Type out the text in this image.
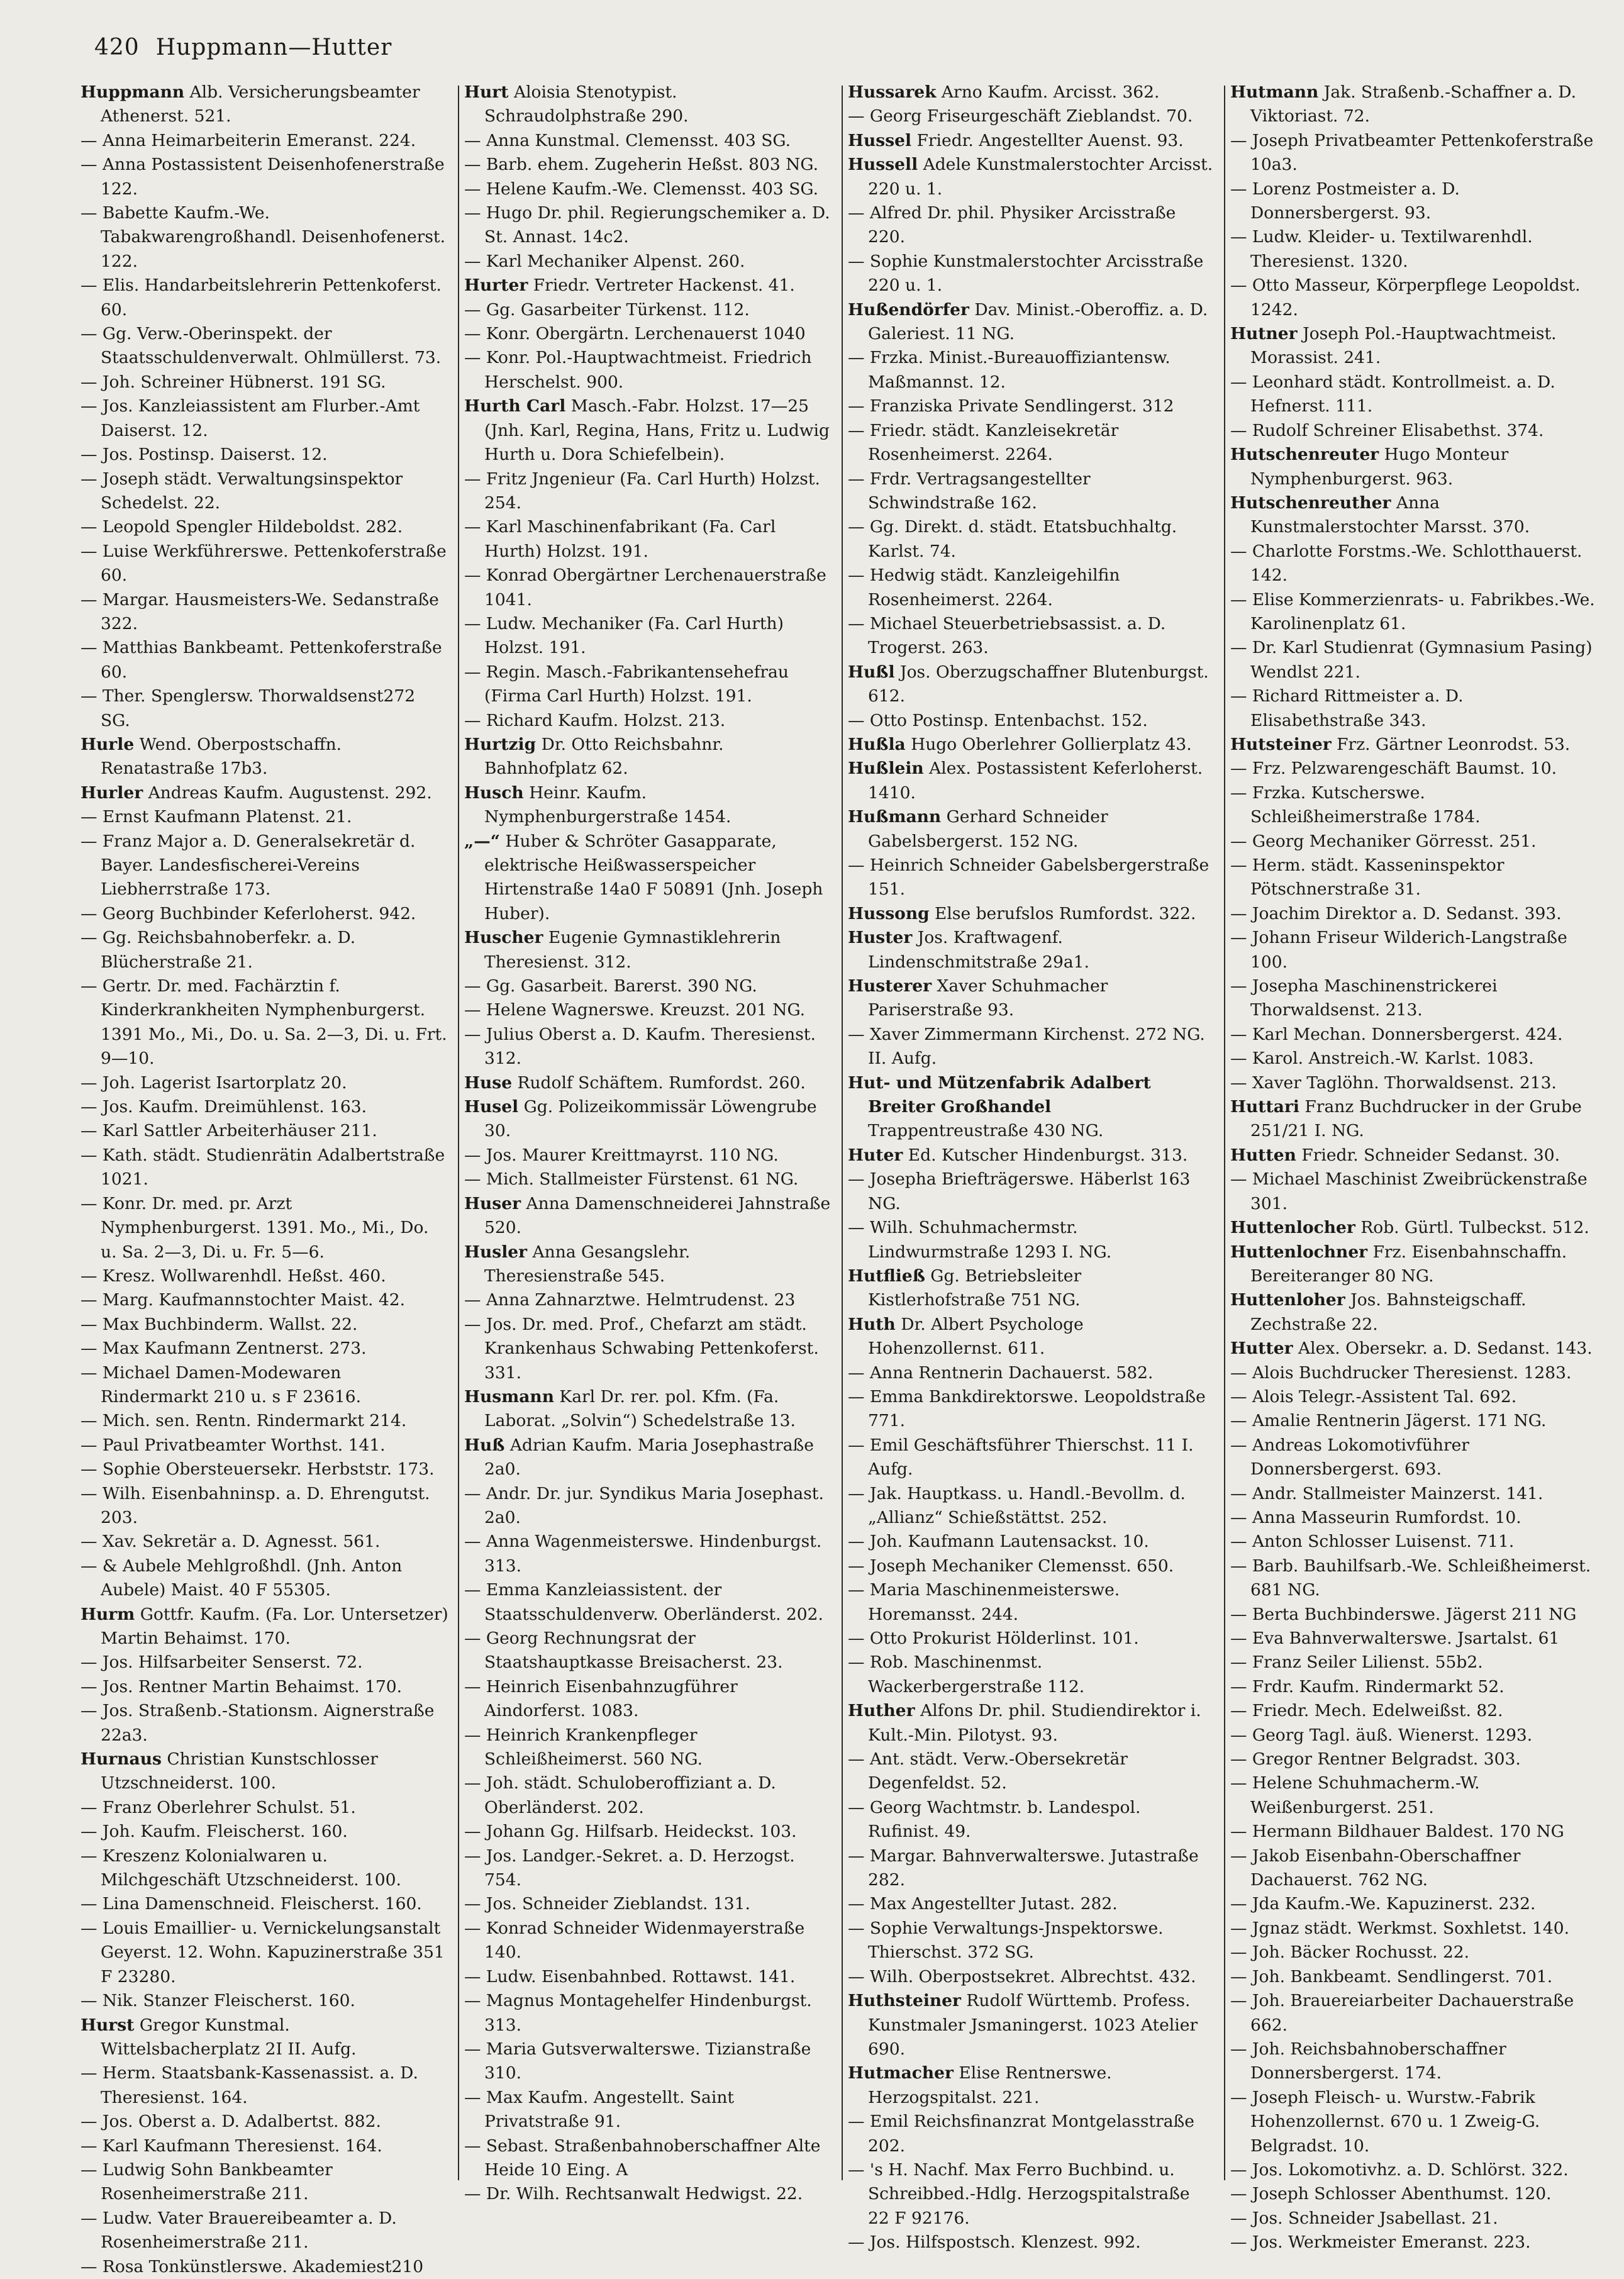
420 Huppmann—Hutter

Huppmann Alb. Versicherungsbeamter Athenerst. 521.

— Anna Heimarbeiterin Emeranst. 224.

— Anna Postassistent Deisenhofenerstraße 122.

— Babette Kaufm.-We. Tabakwarengroßhandl. Deisenhofenerst. 122.

— Elis. Handarbeitslehrerin Pettenkoferst. 60.

— Gg. Verw.-Oberinspekt. der Staatsschuldenverwalt. Ohlmüllerst. 73.

— Joh. Schreiner Hübnerst. 191 SG.

— Jos. Kanzleiassistent am Flurber.-Amt Daiserst. 12.

— Jos. Postinsp. Daiserst. 12.

— Joseph städt. Verwaltungsinspektor Schedelst. 22.

— Leopold Spengler Hildeboldst. 282.

— Luise Werkführerswe. Pettenkoferstraße 60.

— Margar. Hausmeisters-We. Sedanstraße 322.

— Matthias Bankbeamt. Pettenkoferstraße 60.

— Ther. Spenglersw. Thorwaldsenst272 SG.

Hurle Wend. Oberpostschaffn. Renatastraße 17b3.

Hurler Andreas Kaufm. Augustenst. 292.

— Ernst Kaufmann Platenst. 21.

— Franz Major a. D. Generalsekretär d. Bayer. Landesfischerei-Vereins Liebherrstraße 173.

— Georg Buchbinder Keferloherst. 942.

— Gg. Reichsbahnoberfekr. a. D. Blücherstraße 21.

— Gertr. Dr. med. Fachärztin f. Kinderkrankheiten Nymphenburgerst. 1391 Mo., Mi., Do. u. Sa. 2—3, Di. u. Frt. 9—10.

— Joh. Lagerist Isartorplatz 20.

— Jos. Kaufm. Dreimühlenst. 163.

— Karl Sattler Arbeiterhäuser 211.

— Kath. städt. Studienrätin Adalbertstraße 1021.

— Konr. Dr. med. pr. Arzt Nymphenburgerst. 1391. Mo., Mi., Do. u. Sa. 2—3, Di. u. Fr. 5—6.

— Kresz. Wollwarenhdl. Heßst. 460.

— Marg. Kaufmannstochter Maist. 42.

— Max Buchbinderm. Wallst. 22.

— Max Kaufmann Zentnerst. 273.

— Michael Damen-Modewaren Rindermarkt 210 u. s F 23616.

— Mich. sen. Rentn. Rindermarkt 214.

— Paul Privatbeamter Worthst. 141.

— Sophie Obersteuersekr. Herbststr. 173.

— Wilh. Eisenbahninsp. a. D. Ehrengutst. 203.

— Xav. Sekretär a. D. Agnesst. 561.

— & Aubele Mehlgroßhdl. (Jnh. Anton Aubele) Maist. 40 F 55305.

Hurm Gottfr. Kaufm. (Fa. Lor. Untersetzer) Martin Behaimst. 170.

— Jos. Hilfsarbeiter Senserst. 72.

— Jos. Rentner Martin Behaimst. 170.

— Jos. Straßenb.-Stationsm. Aignerstraße 22a3.

Hurnaus Christian Kunstschlosser Utzschneiderst. 100.

— Franz Oberlehrer Schulst. 51.

— Joh. Kaufm. Fleischerst. 160.

— Kreszenz Kolonialwaren u. Milchgeschäft Utzschneiderst. 100.

— Lina Damenschneid. Fleischerst. 160.

— Louis Emaillier- u. Vernickelungsanstalt Geyerst. 12. Wohn. Kapuzinerstraße 351 F 23280.

— Nik. Stanzer Fleischerst. 160.

Hurst Gregor Kunstmal. Wittelsbacherplatz 2I II. Aufg.

— Herm. Staatsbank-Kassenassist. a. D. Theresienst. 164.

— Jos. Oberst a. D. Adalbertst. 882.

— Karl Kaufmann Theresienst. 164.

— Ludwig Sohn Bankbeamter Rosenheimerstraße 211.

— Ludw. Vater Brauereibeamter a. D. Rosenheimerstraße 211.

— Rosa Tonkünstlerswe. Akademiest210

Hurt Aloisia Stenotypist. Schraudolphstraße 290.

— Anna Kunstmal. Clemensst. 403 SG.

— Barb. ehem. Zugeherin Heßst. 803 NG.

— Helene Kaufm.-We. Clemensst. 403 SG.

— Hugo Dr. phil. Regierungschemiker a. D. St. Annast. 14c2.

— Karl Mechaniker Alpenst. 260.

Hurter Friedr. Vertreter Hackenst. 41.

— Gg. Gasarbeiter Türkenst. 112.

— Konr. Obergärtn. Lerchenauerst 1040

— Konr. Pol.-Hauptwachtmeist. Friedrich Herschelst. 900.

Hurth Carl Masch.-Fabr. Holzst. 17—25 (Jnh. Karl, Regina, Hans, Fritz u. Ludwig Hurth u. Dora Schiefelbein).

— Fritz Jngenieur (Fa. Carl Hurth) Holzst. 254.

— Karl Maschinenfabrikant (Fa. Carl Hurth) Holzst. 191.

— Konrad Obergärtner Lerchenauerstraße 1041.

— Ludw. Mechaniker (Fa. Carl Hurth) Holzst. 191.

— Regin. Masch.-Fabrikantensehefrau (Firma Carl Hurth) Holzst. 191.

— Richard Kaufm. Holzst. 213.

Hurtzig Dr. Otto Reichsbahnr. Bahnhofplatz 62.

Husch Heinr. Kaufm. Nymphenburgerstraße 1454.

„—“ Huber & Schröter Gasapparate, elektrische Heißwasserspeicher Hirtenstraße 14a0 F 50891 (Jnh. Joseph Huber).

Huscher Eugenie Gymnastiklehrerin Theresienst. 312.

— Gg. Gasarbeit. Barerst. 390 NG.

— Helene Wagnerswe. Kreuzst. 201 NG.

— Julius Oberst a. D. Kaufm. Theresienst. 312.

Huse Rudolf Schäftem. Rumfordst. 260.

Husel Gg. Polizeikommissär Löwengrube 30.

— Jos. Maurer Kreittmayrst. 110 NG.

— Mich. Stallmeister Fürstenst. 61 NG.

Huser Anna Damenschneiderei Jahnstraße 520.

Husler Anna Gesangslehr. Theresienstraße 545.

— Anna Zahnarztwe. Helmtrudenst. 23

— Jos. Dr. med. Prof., Chefarzt am städt. Krankenhaus Schwabing Pettenkoferst. 331.

Husmann Karl Dr. rer. pol. Kfm. (Fa. Laborat. „Solvin“) Schedelstraße 13.

Huß Adrian Kaufm. Maria Josephastraße 2a0.

— Andr. Dr. jur. Syndikus Maria Josephast. 2a0.

— Anna Wagenmeisterswe. Hindenburgst. 313.

— Emma Kanzleiassistent. der Staatsschuldenverw. Oberländerst. 202.

— Georg Rechnungsrat der Staatshauptkasse Breisacherst. 23.

— Heinrich Eisenbahnzugführer Aindorferst. 1083.

— Heinrich Krankenpfleger Schleißheimerst. 560 NG.

— Joh. städt. Schuloberoffiziant a. D. Oberländerst. 202.

— Johann Gg. Hilfsarb. Heideckst. 103.

— Jos. Landger.-Sekret. a. D. Herzogst. 754.

— Jos. Schneider Zieblandst. 131.

— Konrad Schneider Widenmayerstraße 140.

— Ludw. Eisenbahnbed. Rottawst. 141.

— Magnus Montagehelfer Hindenburgst. 313.

— Maria Gutsverwalterswe. Tizianstraße 310.

— Max Kaufm. Angestellt. Saint Privatstraße 91.

— Sebast. Straßenbahnoberschaffner Alte Heide 10 Eing. A

— Dr. Wilh. Rechtsanwalt Hedwigst. 22.

Hussarek Arno Kaufm. Arcisst. 362.

— Georg Friseurgeschäft Zieblandst. 70.

Hussel Friedr. Angestellter Auenst. 93.

Hussell Adele Kunstmalerstochter Arcisst. 220 u. 1.

— Alfred Dr. phil. Physiker Arcisstraße 220.

— Sophie Kunstmalerstochter Arcisstraße 220 u. 1.

Hußendörfer Dav. Minist.-Oberoffiz. a. D. Galeriest. 11 NG.

— Frzka. Minist.-Bureauoffiziantensw. Maßmannst. 12.

— Franziska Private Sendlingerst. 312

— Friedr. städt. Kanzleisekretär Rosenheimerst. 2264.

— Frdr. Vertragsangestellter Schwindstraße 162.

— Gg. Direkt. d. städt. Etatsbuchhaltg. Karlst. 74.

— Hedwig städt. Kanzleigehilfin Rosenheimerst. 2264.

— Michael Steuerbetriebsassist. a. D. Trogerst. 263.

Hußl Jos. Oberzugschaffner Blutenburgst. 612.

— Otto Postinsp. Entenbachst. 152.

Hußla Hugo Oberlehrer Gollierplatz 43.

Hußlein Alex. Postassistent Keferloherst. 1410.

Hußmann Gerhard Schneider Gabelsbergerst. 152 NG.

— Heinrich Schneider Gabelsbergerstraße 151.

Hussong Else berufslos Rumfordst. 322.

Huster Jos. Kraftwagenf. Lindenschmitstraße 29a1.

Husterer Xaver Schuhmacher Pariserstraße 93.

— Xaver Zimmermann Kirchenst. 272 NG. II. Aufg.

Hut- und Mützenfabrik Adalbert Breiter Großhandel Trappentreustraße 430 NG.

Huter Ed. Kutscher Hindenburgst. 313.

— Josepha Briefträgerswe. Häberlst 163 NG.

— Wilh. Schuhmachermstr. Lindwurmstraße 1293 I. NG.

Hutfließ Gg. Betriebsleiter Kistlerhofstraße 751 NG.

Huth Dr. Albert Psychologe Hohenzollernst. 611.

— Anna Rentnerin Dachauerst. 582.

— Emma Bankdirektorswe. Leopoldstraße 771.

— Emil Geschäftsführer Thierschst. 11 I. Aufg.

— Jak. Hauptkass. u. Handl.-Bevollm. d. „Allianz“ Schießstättst. 252.

— Joh. Kaufmann Lautensackst. 10.

— Joseph Mechaniker Clemensst. 650.

— Maria Maschinenmeisterswe. Horemansst. 244.

— Otto Prokurist Hölderlinst. 101.

— Rob. Maschinenmst. Wackerbergerstraße 112.

Huther Alfons Dr. phil. Studiendirektor i. Kult.-Min. Pilotyst. 93.

— Ant. städt. Verw.-Obersekretär Degenfeldst. 52.

— Georg Wachtmstr. b. Landespol. Rufinist. 49.

— Margar. Bahnverwalterswe. Jutastraße 282.

— Max Angestellter Jutast. 282.

— Sophie Verwaltungs-Jnspektorswe. Thierschst. 372 SG.

— Wilh. Oberpostsekret. Albrechtst. 432.

Huthsteiner Rudolf Württemb. Profess. Kunstmaler Jsmaningerst. 1023 Atelier 690.

Hutmacher Elise Rentnerswe. Herzogspitalst. 221.

— Emil Reichsfinanzrat Montgelasstraße 202.

— 's H. Nachf. Max Ferro Buchbind. u. Schreibbed.-Hdlg. Herzogspitalstraße 22 F 92176.

— Jos. Hilfspostsch. Klenzest. 992.

Hutmann Jak. Straßenb.-Schaffner a. D. Viktoriast. 72.

— Joseph Privatbeamter Pettenkoferstraße 10a3.

— Lorenz Postmeister a. D. Donnersbergerst. 93.

— Ludw. Kleider- u. Textilwarenhdl. Theresienst. 1320.

— Otto Masseur, Körperpflege Leopoldst. 1242.

Hutner Joseph Pol.-Hauptwachtmeist. Morassist. 241.

— Leonhard städt. Kontrollmeist. a. D. Hefnerst. 111.

— Rudolf Schreiner Elisabethst. 374.

Hutschenreuter Hugo Monteur Nymphenburgerst. 963.

Hutschenreuther Anna Kunstmalerstochter Marsst. 370.

— Charlotte Forstms.-We. Schlotthauerst. 142.

— Elise Kommerzienrats- u. Fabrikbes.-We. Karolinenplatz 61.

— Dr. Karl Studienrat (Gymnasium Pasing) Wendlst 221.

— Richard Rittmeister a. D. Elisabethstraße 343.

Hutsteiner Frz. Gärtner Leonrodst. 53.

— Frz. Pelzwarengeschäft Baumst. 10.

— Frzka. Kutscherswe. Schleißheimerstraße 1784.

— Georg Mechaniker Görresst. 251.

— Herm. städt. Kasseninspektor Pötschnerstraße 31.

— Joachim Direktor a. D. Sedanst. 393.

— Johann Friseur Wilderich-Langstraße 100.

— Josepha Maschinenstrickerei Thorwaldsenst. 213.

— Karl Mechan. Donnersbergerst. 424.

— Karol. Anstreich.-W. Karlst. 1083.

— Xaver Taglöhn. Thorwaldsenst. 213.

Huttari Franz Buchdrucker in der Grube 251/21 I. NG.

Hutten Friedr. Schneider Sedanst. 30.

— Michael Maschinist Zweibrückenstraße 301.

Huttenlocher Rob. Gürtl. Tulbeckst. 512.

Huttenlochner Frz. Eisenbahnschaffn. Bereiteranger 80 NG.

Huttenloher Jos. Bahnsteigschaff. Zechstraße 22.

Hutter Alex. Obersekr. a. D. Sedanst. 143.

— Alois Buchdrucker Theresienst. 1283.

— Alois Telegr.-Assistent Tal. 692.

— Amalie Rentnerin Jägerst. 171 NG.

— Andreas Lokomotivführer Donnersbergerst. 693.

— Andr. Stallmeister Mainzerst. 141.

— Anna Masseurin Rumfordst. 10.

— Anton Schlosser Luisenst. 711.

— Barb. Bauhilfsarb.-We. Schleißheimerst. 681 NG.

— Berta Buchbinderswe. Jägerst 211 NG

— Eva Bahnverwalterswe. Jsartalst. 61

— Franz Seiler Lilienst. 55b2.

— Frdr. Kaufm. Rindermarkt 52.

— Friedr. Mech. Edelweißst. 82.

— Georg Tagl. äuß. Wienerst. 1293.

— Gregor Rentner Belgradst. 303.

— Helene Schuhmacherm.-W. Weißenburgerst. 251.

— Hermann Bildhauer Baldest. 170 NG

— Jakob Eisenbahn-Oberschaffner Dachauerst. 762 NG.

— Jda Kaufm.-We. Kapuzinerst. 232.

— Jgnaz städt. Werkmst. Soxhletst. 140.

— Joh. Bäcker Rochusst. 22.

— Joh. Bankbeamt. Sendlingerst. 701.

— Joh. Brauereiarbeiter Dachauerstraße 662.

— Joh. Reichsbahnoberschaffner Donnersbergerst. 174.

— Joseph Fleisch- u. Wurstw.-Fabrik Hohenzollernst. 670 u. 1 Zweig-G. Belgradst. 10.

— Jos. Lokomotivhz. a. D. Schlörst. 322.

— Joseph Schlosser Abenthumst. 120.

— Jos. Schneider Jsabellast. 21.

— Jos. Werkmeister Emeranst. 223.
